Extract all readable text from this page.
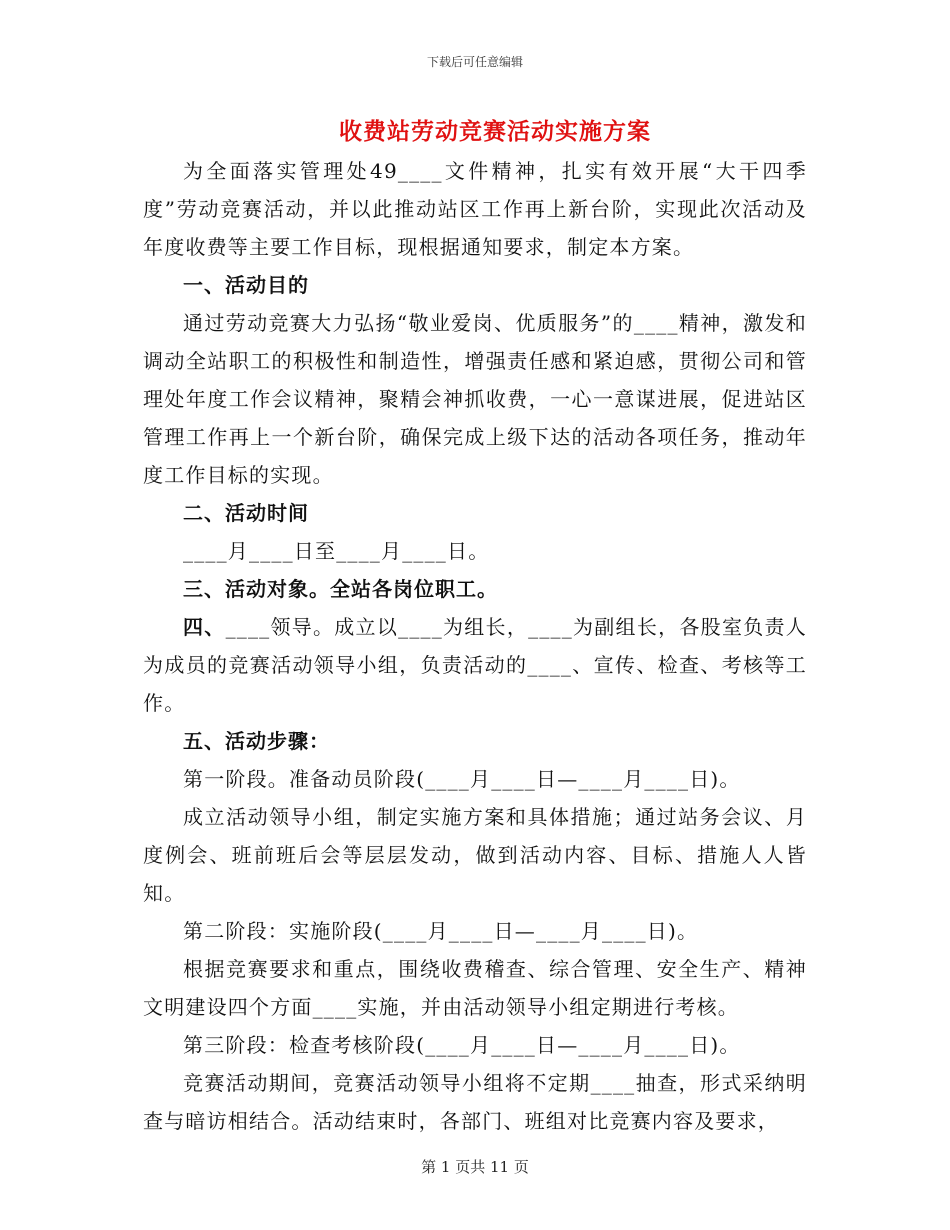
下载后可任意编辑
收费站劳动竞赛活动实施方案

为全面落实管理处49____文件精神，扎实有效开展“大干四季度”劳动竞赛活动，并以此推动站区工作再上新台阶，实现此次活动及年度收费等主要工作目标，现根据通知要求，制定本方案。

一、活动目的

通过劳动竞赛大力弘扬“敬业爱岗、优质服务”的____精神，激发和调动全站职工的积极性和制造性，增强责任感和紧迫感，贯彻公司和管理处年度工作会议精神，聚精会神抓收费，一心一意谋进展，促进站区管理工作再上一个新台阶，确保完成上级下达的活动各项任务，推动年度工作目标的实现。

二、活动时间

____月____日至____月____日。

三、活动对象。全站各岗位职工。

四、____领导。成立以____为组长，____为副组长，各股室负责人为成员的竞赛活动领导小组，负责活动的____、宣传、检查、考核等工作。

五、活动步骤：

第一阶段。准备动员阶段(____月____日—____月____日)。

成立活动领导小组，制定实施方案和具体措施；通过站务会议、月度例会、班前班后会等层层发动，做到活动内容、目标、措施人人皆知。

第二阶段：实施阶段(____月____日—____月____日)。

根据竞赛要求和重点，围绕收费稽查、综合管理、安全生产、精神文明建设四个方面____实施，并由活动领导小组定期进行考核。

第三阶段：检查考核阶段(____月____日—____月____日)。

竞赛活动期间，竞赛活动领导小组将不定期____抽查，形式采纳明查与暗访相结合。活动结束时，各部门、班组对比竞赛内容及要求，

第 1 页共 11 页
